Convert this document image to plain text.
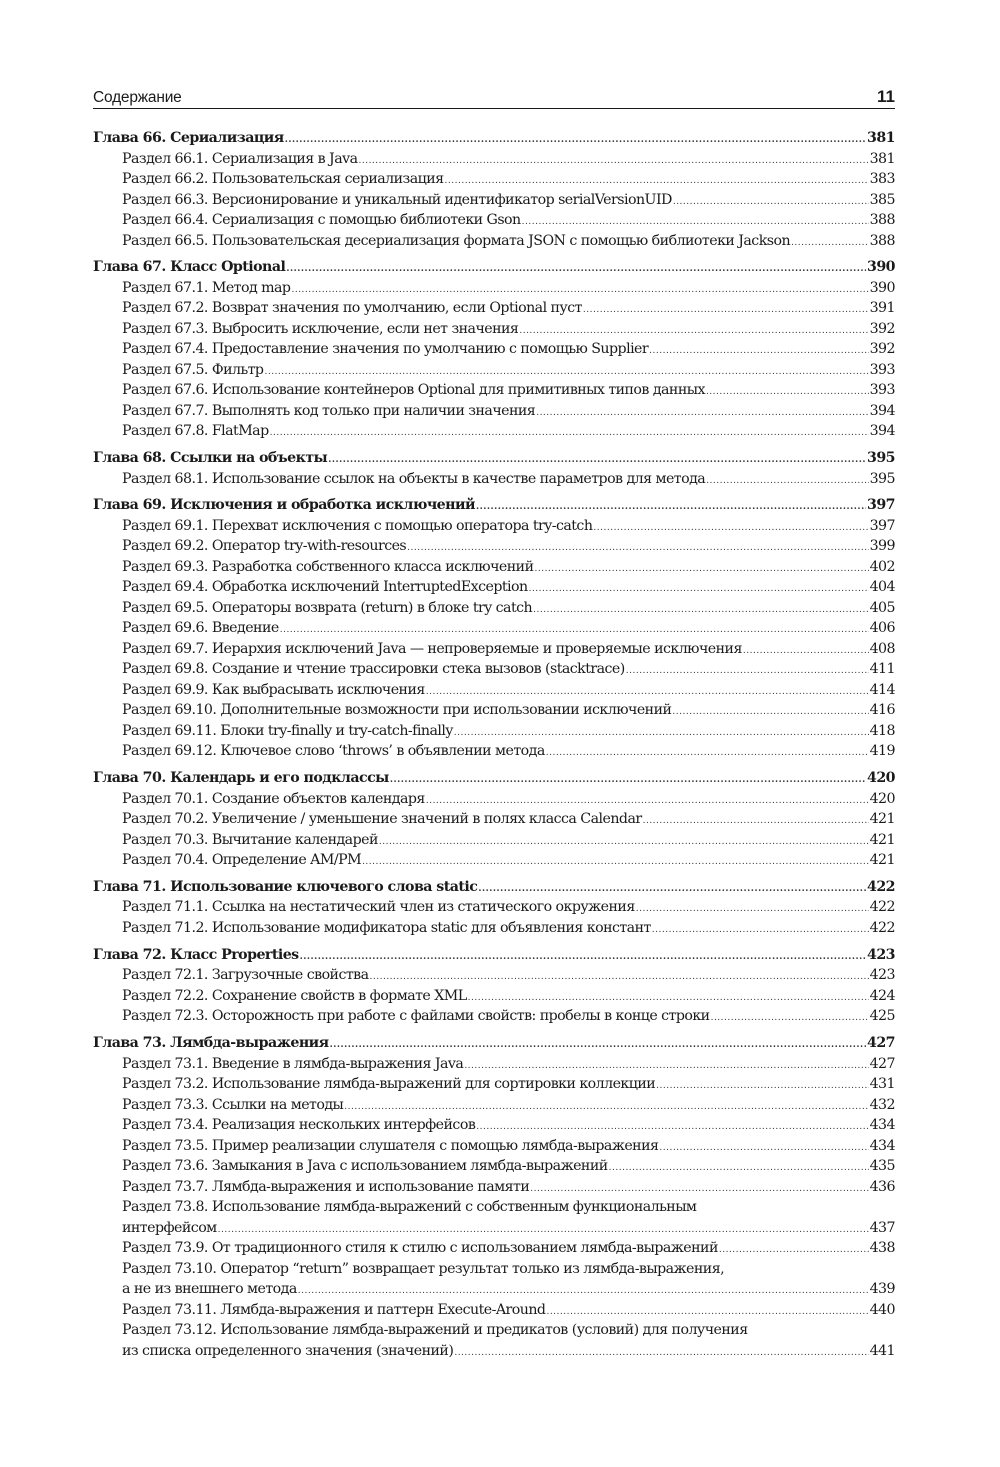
Содержание	11
Глава 66. Сериализация .....	381
Раздел 66.1. Сериализация в Java .....	381
Раздел 66.2. Пользовательская сериализация .....	383
Раздел 66.3. Версионирование и уникальный идентификатор serialVersionUID .....	385
Раздел 66.4. Сериализация с помощью библиотеки Gson .....	388
Раздел 66.5. Пользовательская десериализация формата JSON с помощью библиотеки Jackson .....	388
Глава 67. Класс Optional .....	390
Раздел 67.1. Метод map .....	390
Раздел 67.2. Возврат значения по умолчанию, если Optional пуст .....	391
Раздел 67.3. Выбросить исключение, если нет значения .....	392
Раздел 67.4. Предоставление значения по умолчанию с помощью Supplier .....	392
Раздел 67.5. Фильтр .....	393
Раздел 67.6. Использование контейнеров Optional для примитивных типов данных .....	393
Раздел 67.7. Выполнять код только при наличии значения .....	394
Раздел 67.8. FlatMap .....	394
Глава 68. Ссылки на объекты .....	395
Раздел 68.1. Использование ссылок на объекты в качестве параметров для метода .....	395
Глава 69. Исключения и обработка исключений .....	397
Раздел 69.1. Перехват исключения с помощью оператора try-catch .....	397
Раздел 69.2. Оператор try-with-resources .....	399
Раздел 69.3. Разработка собственного класса исключений .....	402
Раздел 69.4. Обработка исключений InterruptedException .....	404
Раздел 69.5. Операторы возврата (return) в блоке try catch .....	405
Раздел 69.6. Введение .....	406
Раздел 69.7. Иерархия исключений Java — непроверяемые и проверяемые исключения .....	408
Раздел 69.8. Создание и чтение трассировки стека вызовов (stacktrace) .....	411
Раздел 69.9. Как выбрасывать исключения .....	414
Раздел 69.10. Дополнительные возможности при использовании исключений .....	416
Раздел 69.11. Блоки try-finally и try-catch-finally .....	418
Раздел 69.12. Ключевое слово ‘throws’ в объявлении метода .....	419
Глава 70. Календарь и его подклассы .....	420
Раздел 70.1. Создание объектов календаря .....	420
Раздел 70.2. Увеличение / уменьшение значений в полях класса Calendar .....	421
Раздел 70.3. Вычитание календарей .....	421
Раздел 70.4. Определение AM/PM .....	421
Глава 71. Использование ключевого слова static .....	422
Раздел 71.1. Ссылка на нестатический член из статического окружения .....	422
Раздел 71.2. Использование модификатора static для объявления констант .....	422
Глава 72. Класс Properties .....	423
Раздел 72.1. Загрузочные свойства .....	423
Раздел 72.2. Сохранение свойств в формате XML .....	424
Раздел 72.3. Осторожность при работе с файлами свойств: пробелы в конце строки .....	425
Глава 73. Лямбда-выражения .....	427
Раздел 73.1. Введение в лямбда-выражения Java .....	427
Раздел 73.2. Использование лямбда-выражений для сортировки коллекции .....	431
Раздел 73.3. Ссылки на методы .....	432
Раздел 73.4. Реализация нескольких интерфейсов .....	434
Раздел 73.5. Пример реализации слушателя с помощью лямбда-выражения .....	434
Раздел 73.6. Замыкания в Java с использованием лямбда-выражений .....	435
Раздел 73.7. Лямбда-выражения и использование памяти .....	436
Раздел 73.8. Использование лямбда-выражений с собственным функциональным
интерфейсом .....	437
Раздел 73.9. От традиционного стиля к стилю с использованием лямбда-выражений .....	438
Раздел 73.10. Оператор “return” возвращает результат только из лямбда-выражения,
а не из внешнего метода .....	439
Раздел 73.11. Лямбда-выражения и паттерн Execute-Around .....	440
Раздел 73.12. Использование лямбда-выражений и предикатов (условий) для получения
из списка определенного значения (значений) .....	441
